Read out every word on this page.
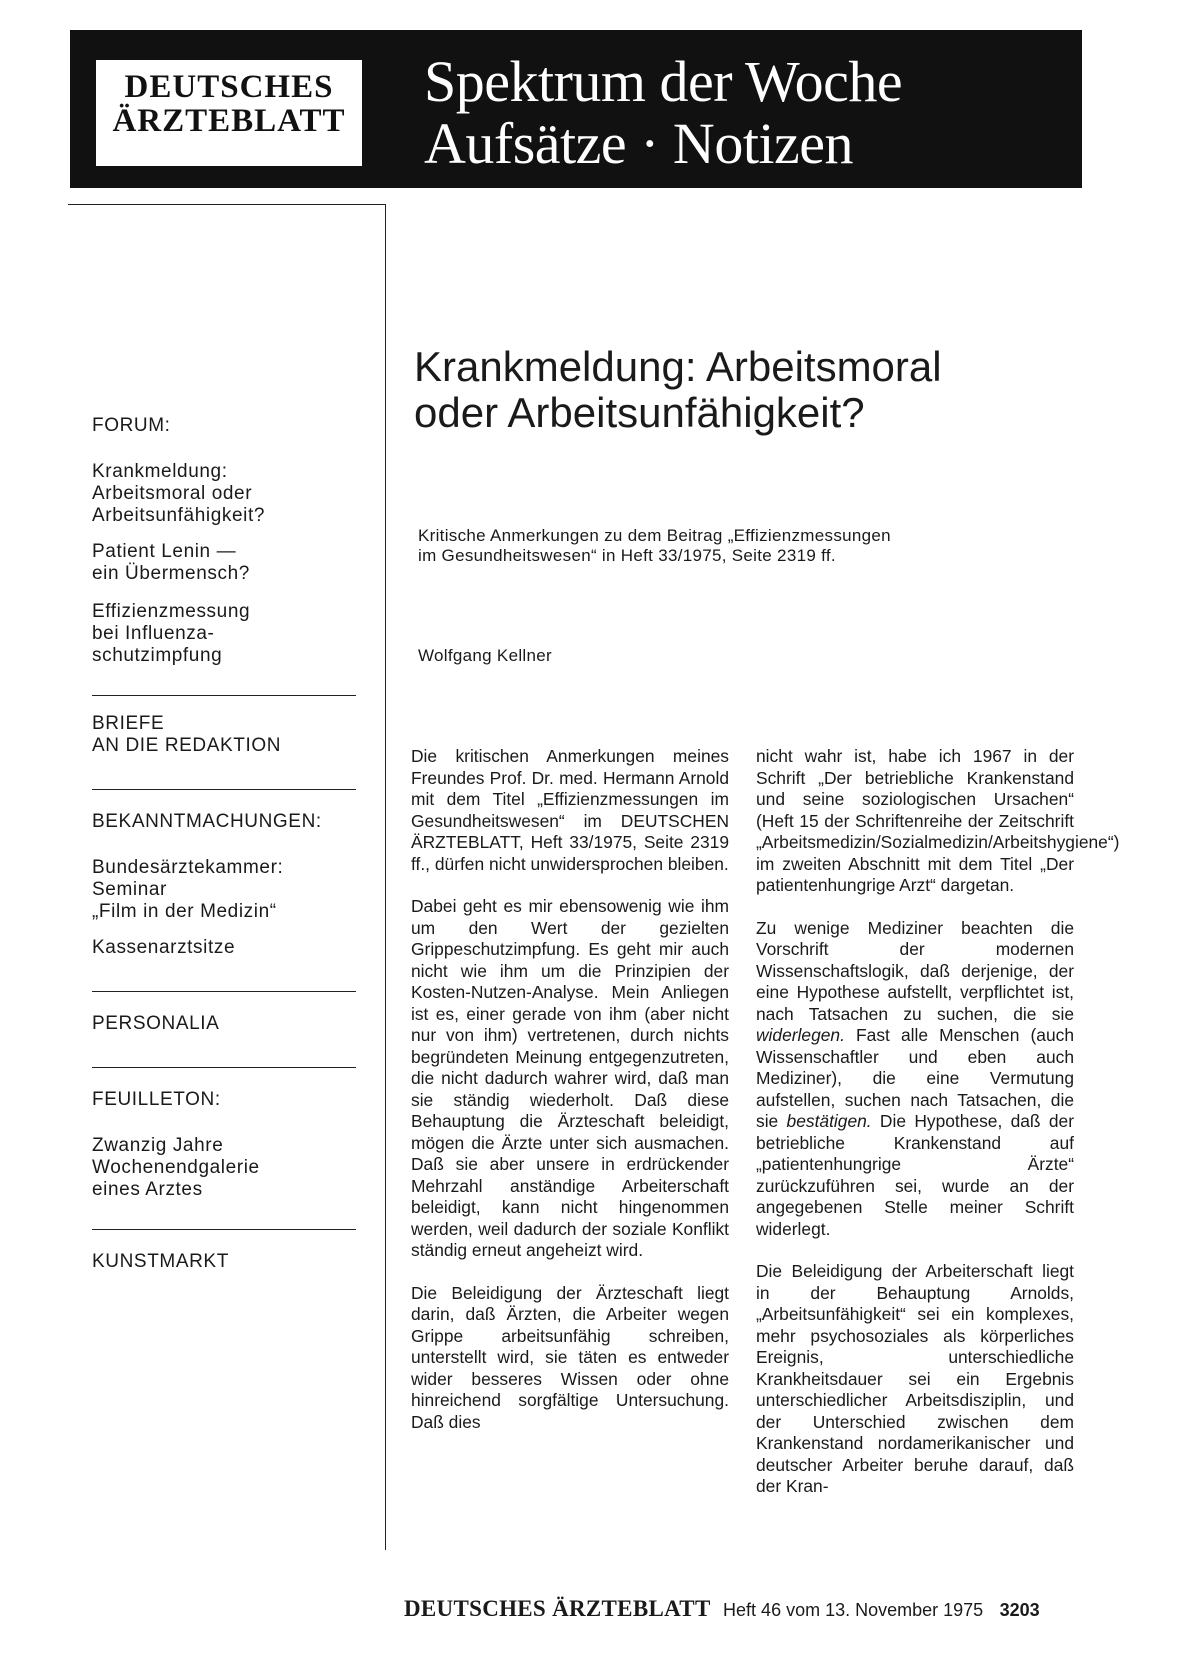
DEUTSCHES
ÄRZTEBLATT
Spektrum der Woche
Aufsätze · Notizen
FORUM:
Krankmeldung:
Arbeitsmoral oder
Arbeitsunfähigkeit?
Patient Lenin —
ein Übermensch?
Effizienzmessung
bei Influenza-
schutzimpfung
BRIEFE
AN DIE REDAKTION
BEKANNTMACHUNGEN:
Bundesärztekammer:
Seminar
„Film in der Medizin“
Kassenarztsitze
PERSONALIA
FEUILLETON:
Zwanzig Jahre
Wochenendgalerie
eines Arztes
KUNSTMARKT
Krankmeldung: Arbeitsmoral
oder Arbeitsunfähigkeit?
Kritische Anmerkungen zu dem Beitrag „Effizienzmessungen
im Gesundheitswesen“ in Heft 33/1975, Seite 2319 ff.
Wolfgang Kellner

Die kritischen Anmerkungen meines Freundes Prof. Dr. med. Hermann Arnold mit dem Titel „Effizienzmessungen im Gesundheitswesen“ im DEUTSCHEN ÄRZTEBLATT, Heft 33/1975, Seite 2319 ff., dürfen nicht unwidersprochen bleiben.

Dabei geht es mir ebensowenig wie ihm um den Wert der gezielten Grippeschutzimpfung. Es geht mir auch nicht wie ihm um die Prinzipien der Kosten-Nutzen-Analyse. Mein Anliegen ist es, einer gerade von ihm (aber nicht nur von ihm) vertretenen, durch nichts begründeten Meinung entgegenzutreten, die nicht dadurch wahrer wird, daß man sie ständig wiederholt. Daß diese Behauptung die Ärzteschaft beleidigt, mögen die Ärzte unter sich ausmachen. Daß sie aber unsere in erdrückender Mehrzahl anständige Arbeiterschaft beleidigt, kann nicht hingenommen werden, weil dadurch der soziale Konflikt ständig erneut angeheizt wird.

Die Beleidigung der Ärzteschaft liegt darin, daß Ärzten, die Arbeiter wegen Grippe arbeitsunfähig schreiben, unterstellt wird, sie täten es entweder wider besseres Wissen oder ohne hinreichend sorgfältige Untersuchung. Daß dies

nicht wahr ist, habe ich 1967 in der Schrift „Der betriebliche Krankenstand und seine soziologischen Ursachen“ (Heft 15 der Schriftenreihe der Zeitschrift „Arbeitsmedizin/Sozialmedizin/Arbeitshygiene“) im zweiten Abschnitt mit dem Titel „Der patientenhungrige Arzt“ dargetan.

Zu wenige Mediziner beachten die Vorschrift der modernen Wissenschaftslogik, daß derjenige, der eine Hypothese aufstellt, verpflichtet ist, nach Tatsachen zu suchen, die sie widerlegen. Fast alle Menschen (auch Wissenschaftler und eben auch Mediziner), die eine Vermutung aufstellen, suchen nach Tatsachen, die sie bestätigen. Die Hypothese, daß der betriebliche Krankenstand auf „patientenhungrige Ärzte“ zurückzuführen sei, wurde an der angegebenen Stelle meiner Schrift widerlegt.

Die Beleidigung der Arbeiterschaft liegt in der Behauptung Arnolds, „Arbeitsunfähigkeit“ sei ein komplexes, mehr psychosoziales als körperliches Ereignis, unterschiedliche Krankheitsdauer sei ein Ergebnis unterschiedlicher Arbeitsdisziplin, und der Unterschied zwischen dem Krankenstand nordamerikanischer und deutscher Arbeiter beruhe darauf, daß der Kran-

DEUTSCHES ÄRZTEBLATT Heft 46 vom 13. November 1975 3203
